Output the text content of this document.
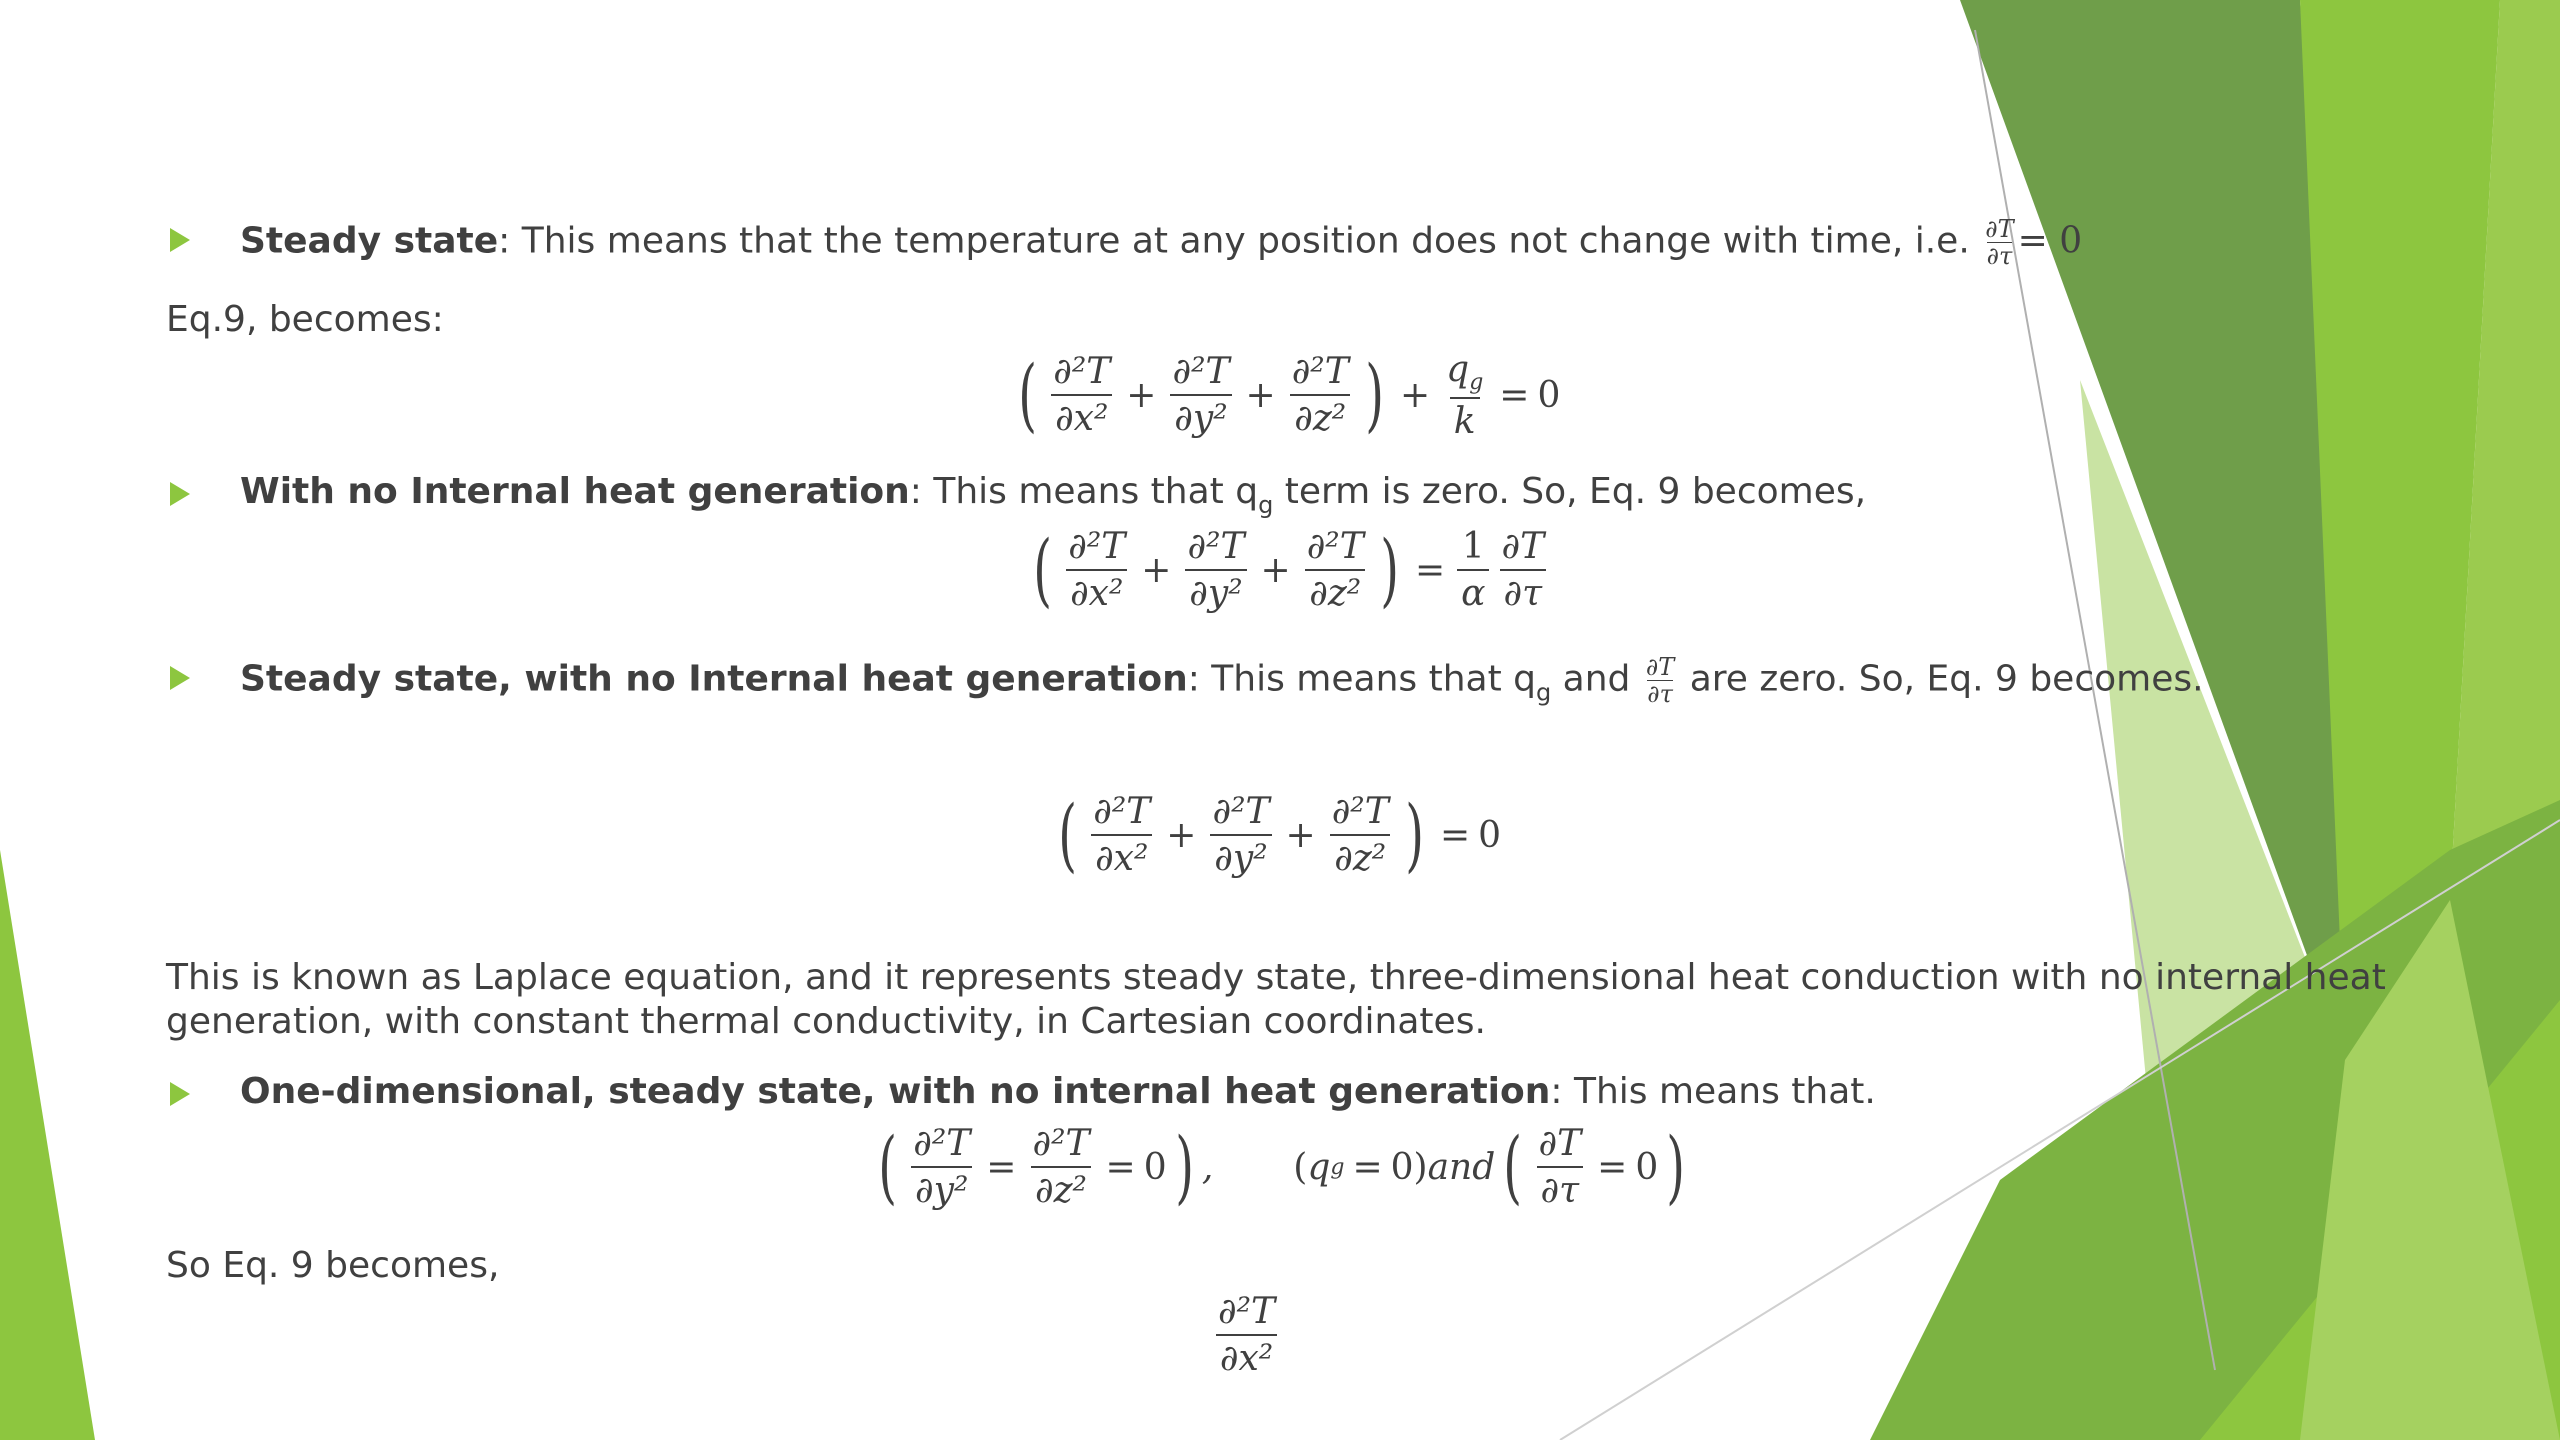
Steady state: This means that the temperature at any position does not change with time, i.e. $\frac{\partial T}{\partial\tau} = 0$
Eq.9, becomes:
( $\frac{\text{∂²T}}{\text{∂x²}} + \frac{\text{∂²T}}{\text{∂y²}} + \frac{\text{∂²T}}{\text{∂z²}}$ ) + $\frac{q_g}{k} = 0$
With no Internal heat generation: This means that $q_g$ term is zero. So, Eq. 9 becomes,
( $\frac{\text{∂²T}}{\text{∂x²}} + \frac{\text{∂²T}}{\text{∂y²}} + \frac{\text{∂²T}}{\text{∂z²}}$ ) = $\frac{1}{\alpha} \frac{\partial T}{\partial\tau}$
Steady state, with no Internal heat generation: This means that $q_g$ and $\frac{\partial T}{\partial\tau}$ are zero. So, Eq. 9 becomes.
( $\frac{\text{∂²T}}{\text{∂x²}} + \frac{\text{∂²T}}{\text{∂y²}} + \frac{\text{∂²T}}{\text{∂z²}}$ ) = 0
This is known as Laplace equation, and it represents steady state, three-dimensional heat conduction with no internal heat
generation, with constant thermal conductivity, in Cartesian coordinates.
One-dimensional, steady state, with no internal heat generation: This means that.
( $\frac{\text{∂²T}}{\text{∂y²}} = \frac{\text{∂²T}}{\text{∂z²}} = 0$ ) , ( q g = 0 ) and ( $\frac{\partial T}{\partial\tau} = 0$ )
So Eq. 9 becomes,
$\frac{\text{∂²T}}{\text{∂x²}}$
